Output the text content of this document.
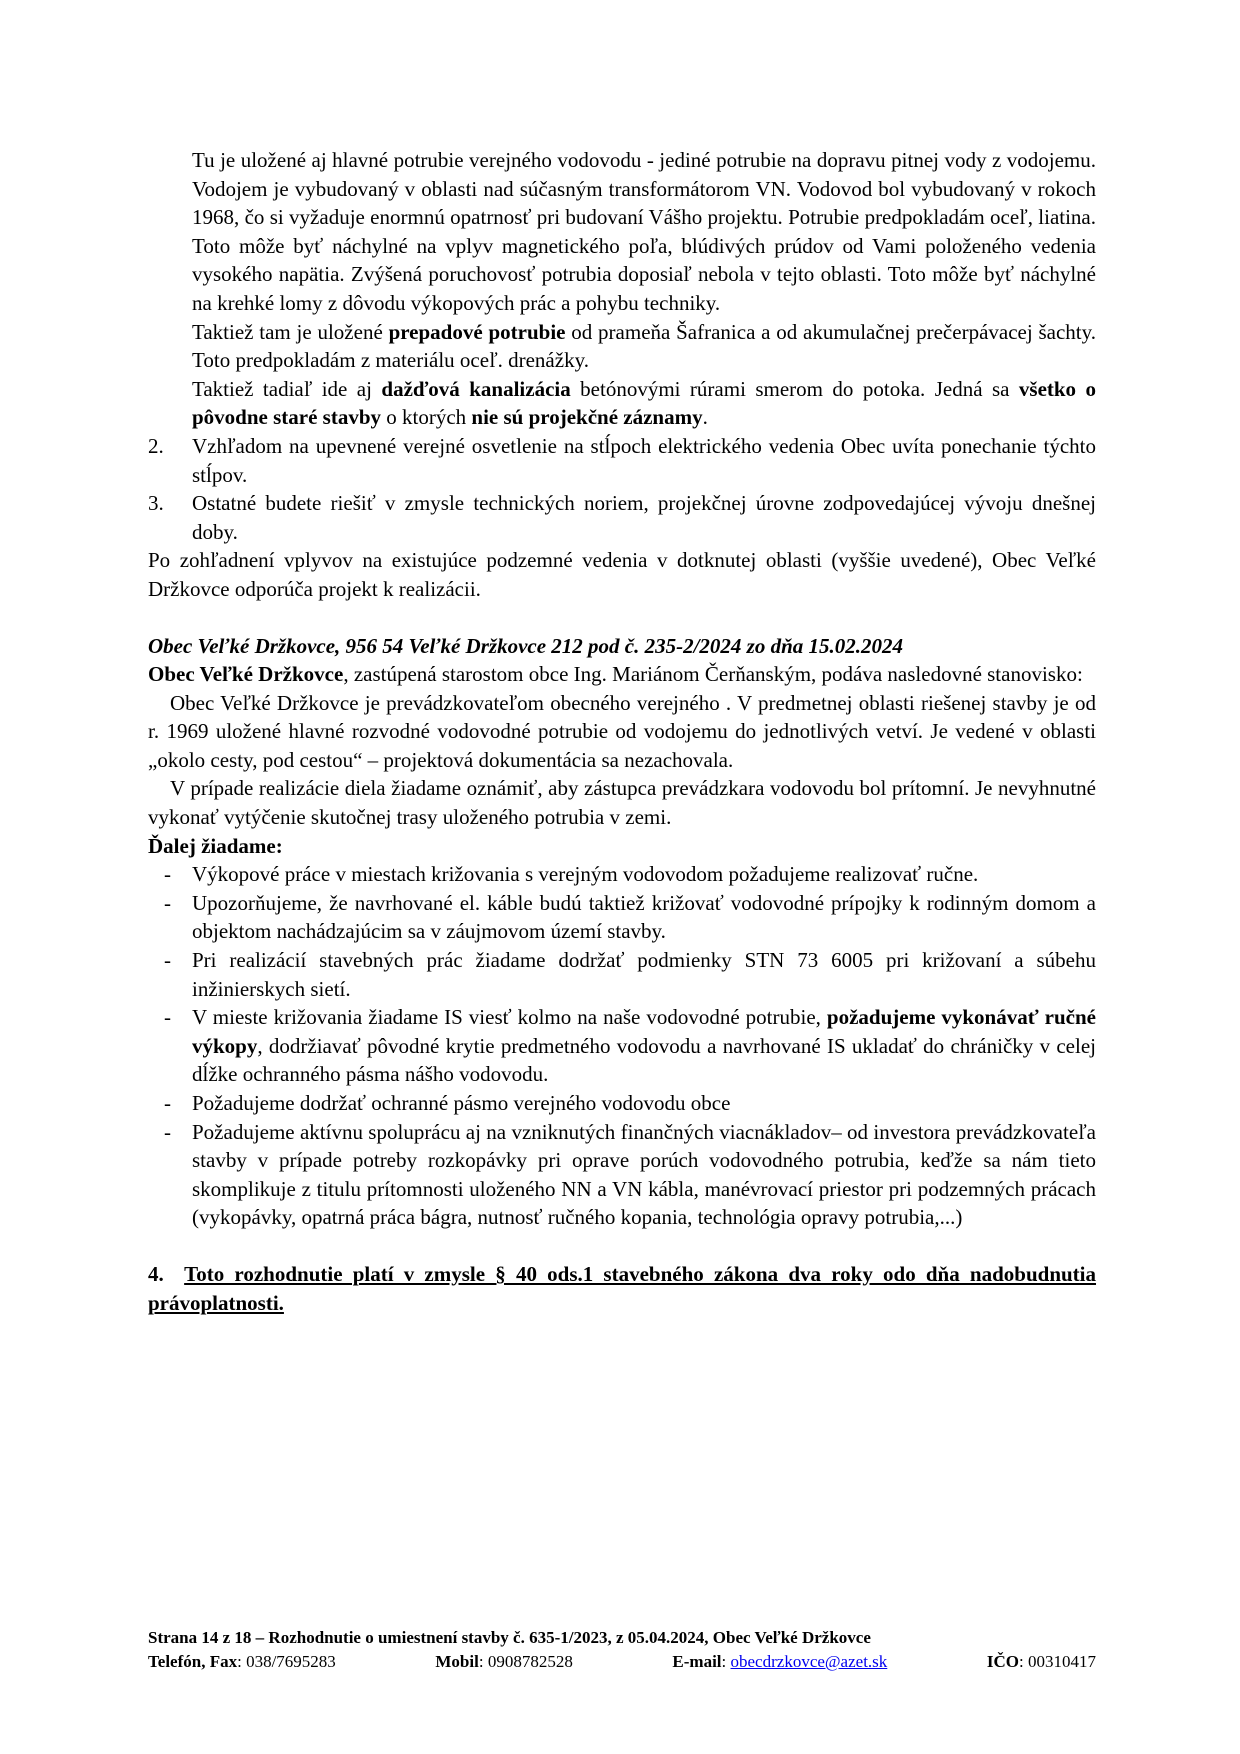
Tu je uložené aj hlavné potrubie verejného vodovodu - jediné potrubie na dopravu pitnej vody z vodojemu. Vodojem je vybudovaný v oblasti nad súčasným transformátorom VN. Vodovod bol vybudovaný v rokoch 1968, čo si vyžaduje enormnú opatrnosť pri budovaní Vášho projektu. Potrubie predpokladám oceľ, liatina. Toto môže byť náchylné na vplyv magnetického poľa, blúdivých prúdov od Vami položeného vedenia vysokého napätia. Zvýšená poruchovosť potrubia doposiaľ nebola v tejto oblasti. Toto môže byť náchylné na krehké lomy z dôvodu výkopových prác a pohybu techniky.

Taktiež tam je uložené prepadové potrubie od prameňa Šafranica a od akumulačnej prečerpávacej šachty. Toto predpokladám z materiálu oceľ. drenážky.

Taktiež tadiaľ ide aj dažďová kanalizácia betónovými rúrami smerom do potoka. Jedná sa všetko o pôvodne staré stavby o ktorých nie sú projekčné záznamy.

2. Vzhľadom na upevnené verejné osvetlenie na stĺpoch elektrického vedenia Obec uvíta ponechanie týchto stĺpov.

3. Ostatné budete riešiť v zmysle technických noriem, projekčnej úrovne zodpovedajúcej vývoju dnešnej doby.

Po zohľadnení vplyvov na existujúce podzemné vedenia v dotknutej oblasti (vyššie uvedené), Obec Veľké Držkovce odporúča projekt k realizácii.

Obec Veľké Držkovce, 956 54 Veľké Držkovce 212 pod č. 235-2/2024 zo dňa 15.02.2024

Obec Veľké Držkovce, zastúpená starostom obce Ing. Mariánom Čerňanským, podáva nasledovné stanovisko:

Obec Veľké Držkovce je prevádzkovateľom obecného verejného . V predmetnej oblasti riešenej stavby je od r. 1969 uložené hlavné rozvodné vodovodné potrubie od vodojemu do jednotlivých vetví. Je vedené v oblasti „okolo cesty, pod cestou“ – projektová dokumentácia sa nezachovala.

V prípade realizácie diela žiadame oznámiť, aby zástupca prevádzkara vodovodu bol prítomní. Je nevyhnutné vykonať vytýčenie skutočnej trasy uloženého potrubia v zemi.

Ďalej žiadame:

- Výkopové práce v miestach križovania s verejným vodovodom požadujeme realizovať ručne.

- Upozorňujeme, že navrhované el. káble budú taktiež križovať vodovodné prípojky k rodinným domom a objektom nachádzajúcim sa v záujmovom území stavby.

- Pri realizácií stavebných prác žiadame dodržať podmienky STN 73 6005 pri križovaní a súbehu inžinierskych sietí.

- V mieste križovania žiadame IS viesť kolmo na naše vodovodné potrubie, požadujeme vykonávať ručné výkopy, dodržiavať pôvodné krytie predmetného vodovodu a navrhované IS ukladať do chráničky v celej dĺžke ochranného pásma nášho vodovodu.

- Požadujeme dodržať ochranné pásmo verejného vodovodu obce

- Požadujeme aktívnu spoluprácu aj na vzniknutých finančných viacnákladov– od investora prevádzkovateľa stavby v prípade potreby rozkopávky pri oprave porúch vodovodného potrubia, keďže sa nám tieto skomplikuje z titulu prítomnosti uloženého NN a VN kábla, manévrovací priestor pri podzemných prácach (vykopávky, opatrná práca bágra, nutnosť ručného kopania, technológia opravy potrubia,...)

4. Toto rozhodnutie platí v zmysle § 40 ods.1 stavebného zákona dva roky odo dňa nadobudnutia právoplatnosti.

Strana 14 z 18 – Rozhodnutie o umiestnení stavby č. 635-1/2023, z 05.04.2024, Obec Veľké Držkovce
Telefón, Fax: 038/7695283	Mobil: 0908782528	E-mail: obecdrzkovce@azet.sk	IČO: 00310417
